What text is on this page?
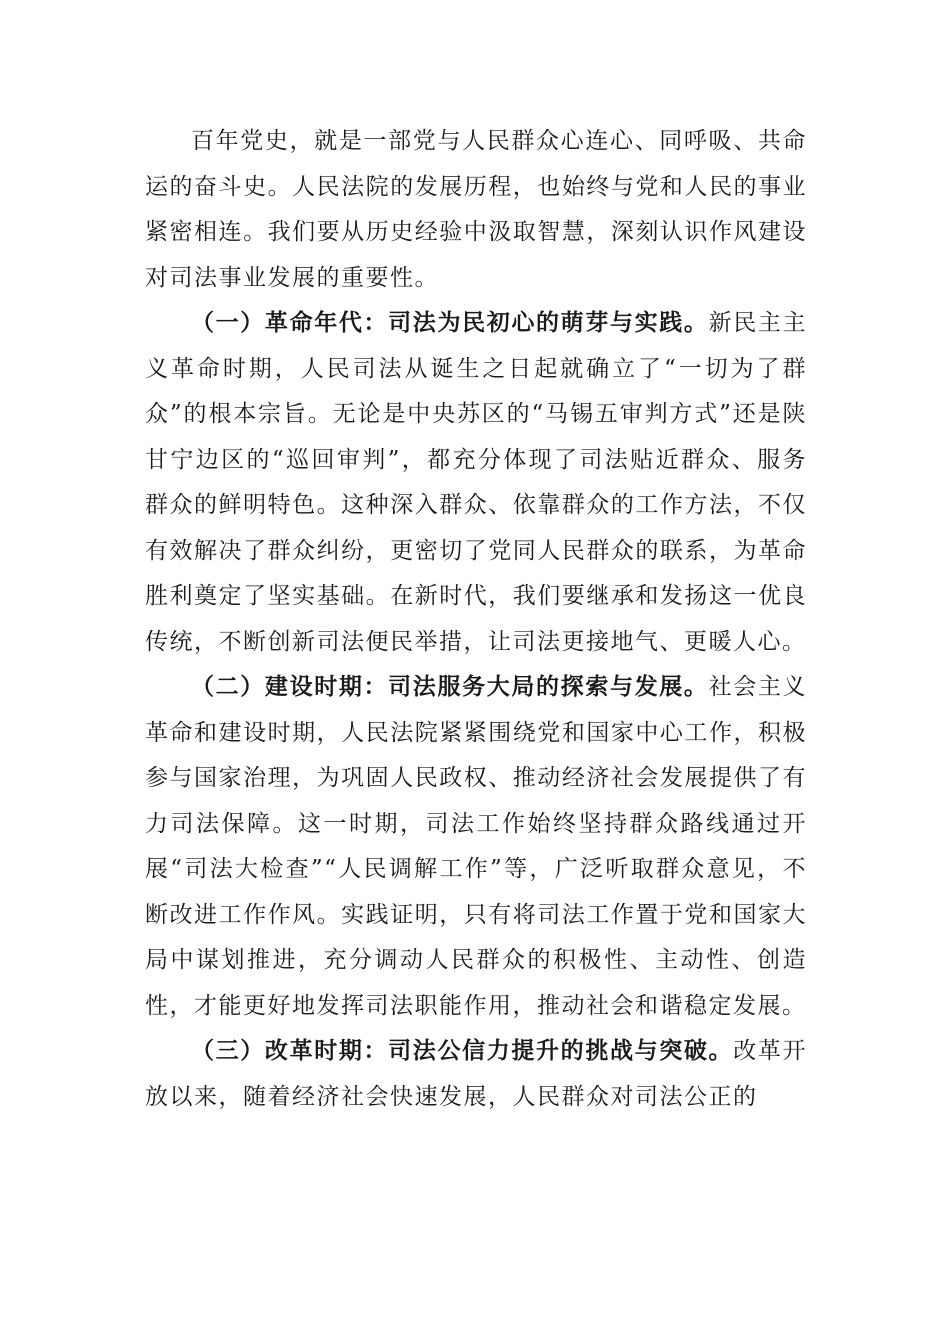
百年党史，就是一部党与人民群众心连心、同呼吸、共命运的奋斗史。人民法院的发展历程，也始终与党和人民的事业紧密相连。我们要从历史经验中汲取智慧，深刻认识作风建设对司法事业发展的重要性。

（一）革命年代：司法为民初心的萌芽与实践。新民主主义革命时期，人民司法从诞生之日起就确立了“一切为了群众”的根本宗旨。无论是中央苏区的“马锡五审判方式”还是陕甘宁边区的“巡回审判”，都充分体现了司法贴近群众、服务群众的鲜明特色。这种深入群众、依靠群众的工作方法，不仅有效解决了群众纠纷，更密切了党同人民群众的联系，为革命胜利奠定了坚实基础。在新时代，我们要继承和发扬这一优良传统，不断创新司法便民举措，让司法更接地气、更暖人心。

（二）建设时期：司法服务大局的探索与发展。社会主义革命和建设时期，人民法院紧紧围绕党和国家中心工作，积极参与国家治理，为巩固人民政权、推动经济社会发展提供了有力司法保障。这一时期，司法工作始终坚持群众路线通过开展“司法大检查”“人民调解工作”等，广泛听取群众意见，不断改进工作作风。实践证明，只有将司法工作置于党和国家大局中谋划推进，充分调动人民群众的积极性、主动性、创造性，才能更好地发挥司法职能作用，推动社会和谐稳定发展。

（三）改革时期：司法公信力提升的挑战与突破。改革开放以来，随着经济社会快速发展，人民群众对司法公正的
